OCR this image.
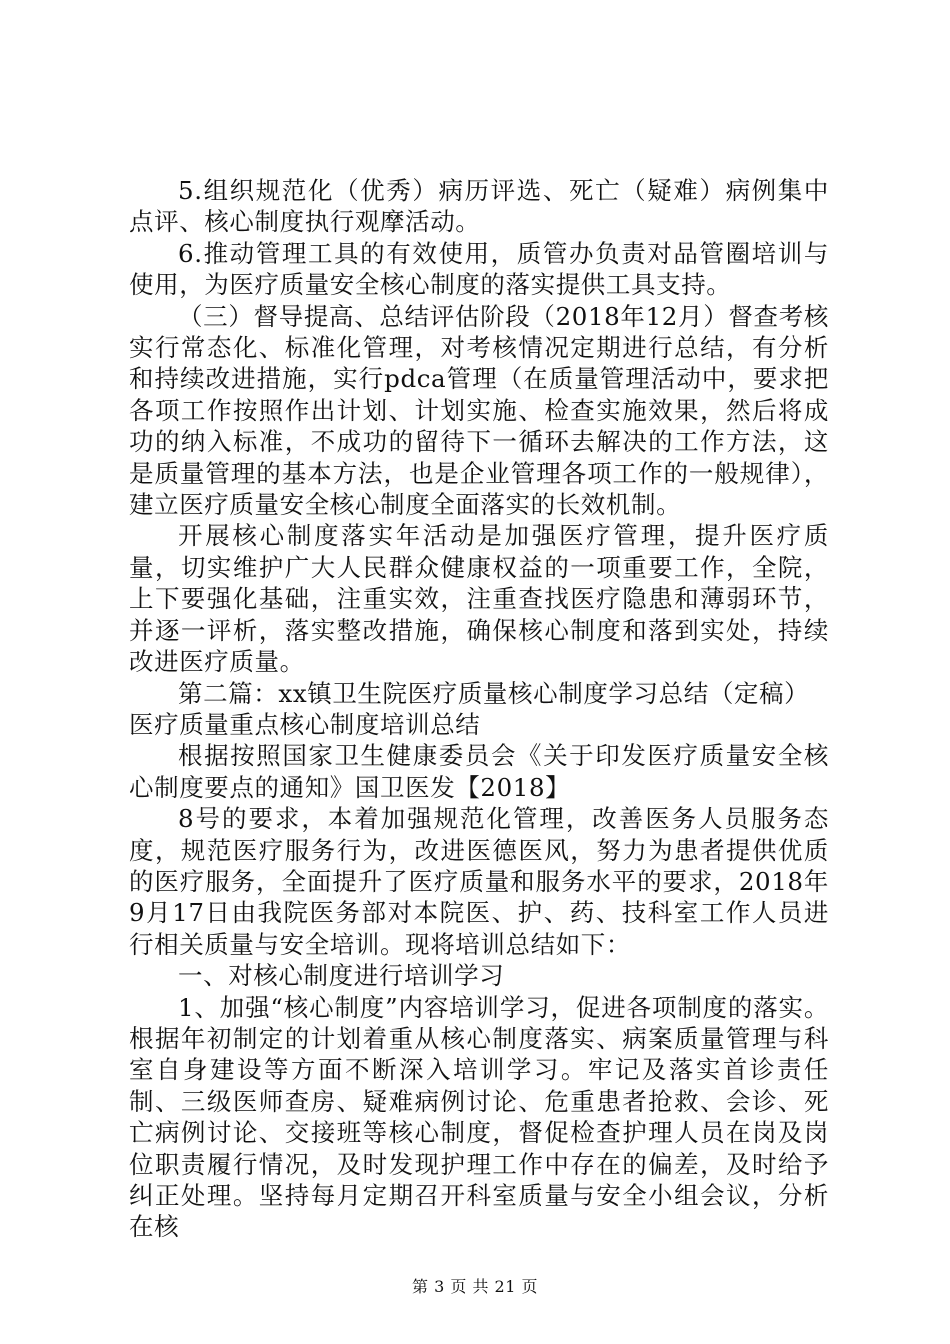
5.组织规范化（优秀）病历评选、死亡（疑难）病例集中点评、核心制度执行观摩活动。

6.推动管理工具的有效使用，质管办负责对品管圈培训与使用，为医疗质量安全核心制度的落实提供工具支持。

（三）督导提高、总结评估阶段（2018年12月）督查考核实行常态化、标准化管理，对考核情况定期进行总结，有分析和持续改进措施，实行pdca管理（在质量管理活动中，要求把各项工作按照作出计划、计划实施、检查实施效果，然后将成功的纳入标准，不成功的留待下一循环去解决的工作方法，这是质量管理的基本方法，也是企业管理各项工作的一般规律），建立医疗质量安全核心制度全面落实的长效机制。

开展核心制度落实年活动是加强医疗管理，提升医疗质量，切实维护广大人民群众健康权益的一项重要工作，全院，上下要强化基础，注重实效，注重查找医疗隐患和薄弱环节，并逐一评析，落实整改措施，确保核心制度和落到实处，持续改进医疗质量。

第二篇：xx镇卫生院医疗质量核心制度学习总结（定稿）

医疗质量重点核心制度培训总结

根据按照国家卫生健康委员会《关于印发医疗质量安全核心制度要点的通知》国卫医发【2018】

8号的要求，本着加强规范化管理，改善医务人员服务态度，规范医疗服务行为，改进医德医风，努力为患者提供优质的医疗服务，全面提升了医疗质量和服务水平的要求，2018年9月17日由我院医务部对本院医、护、药、技科室工作人员进行相关质量与安全培训。现将培训总结如下：

一、对核心制度进行培训学习

1、加强“核心制度”内容培训学习，促进各项制度的落实。根据年初制定的计划着重从核心制度落实、病案质量管理与科室自身建设等方面不断深入培训学习。牢记及落实首诊责任制、三级医师查房、疑难病例讨论、危重患者抢救、会诊、死亡病例讨论、交接班等核心制度，督促检查护理人员在岗及岗位职责履行情况，及时发现护理工作中存在的偏差，及时给予纠正处理。坚持每月定期召开科室质量与安全小组会议，分析在核

第 3 页 共 21 页
